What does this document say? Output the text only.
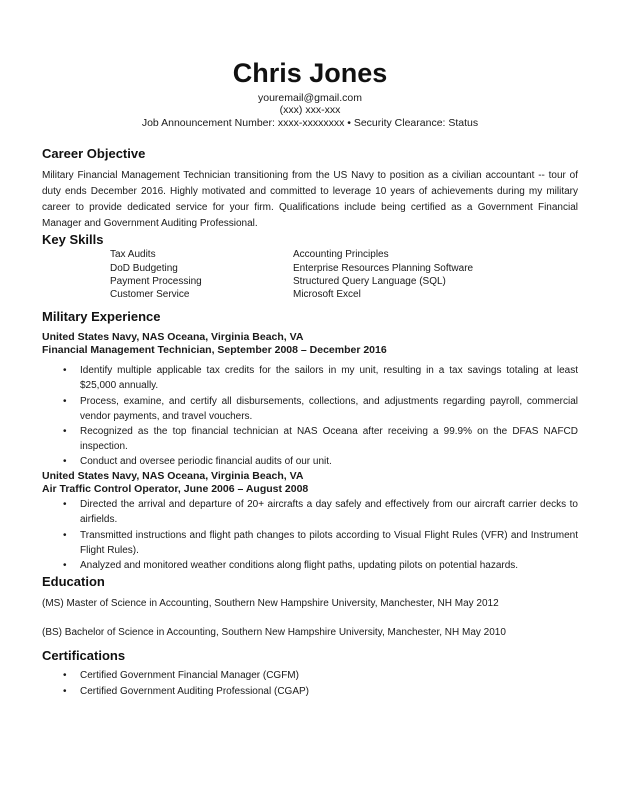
Chris Jones
youremail@gmail.com
(xxx) xxx-xxx
Job Announcement Number: xxxx-xxxxxxxx • Security Clearance: Status
Career Objective

Military Financial Management Technician transitioning from the US Navy to position as a civilian accountant -- tour of duty ends December 2016. Highly motivated and committed to leverage 10 years of achievements during my military career to provide dedicated service for your firm. Qualifications include being certified as a Government Financial Manager and Government Auditing Professional.

Key Skills
Tax Audits
DoD Budgeting
Payment Processing
Customer Service
Accounting Principles
Enterprise Resources Planning Software
Structured Query Language (SQL)
Microsoft Excel
Military Experience
United States Navy, NAS Oceana, Virginia Beach, VA
Financial Management Technician, September 2008 – December 2016
• Identify multiple applicable tax credits for the sailors in my unit, resulting in a tax savings totaling at least $25,000 annually.
• Process, examine, and certify all disbursements, collections, and adjustments regarding payroll, commercial vendor payments, and travel vouchers.
• Recognized as the top financial technician at NAS Oceana after receiving a 99.9% on the DFAS NAFCD inspection.
• Conduct and oversee periodic financial audits of our unit.
United States Navy, NAS Oceana, Virginia Beach, VA
Air Traffic Control Operator, June 2006 – August 2008
• Directed the arrival and departure of 20+ aircrafts a day safely and effectively from our aircraft carrier decks to airfields.
• Transmitted instructions and flight path changes to pilots according to Visual Flight Rules (VFR) and Instrument Flight Rules).
• Analyzed and monitored weather conditions along flight paths, updating pilots on potential hazards.
Education
(MS) Master of Science in Accounting, Southern New Hampshire University, Manchester, NH May 2012
(BS) Bachelor of Science in Accounting, Southern New Hampshire University, Manchester, NH May 2010
Certifications
• Certified Government Financial Manager (CGFM)
• Certified Government Auditing Professional (CGAP)
